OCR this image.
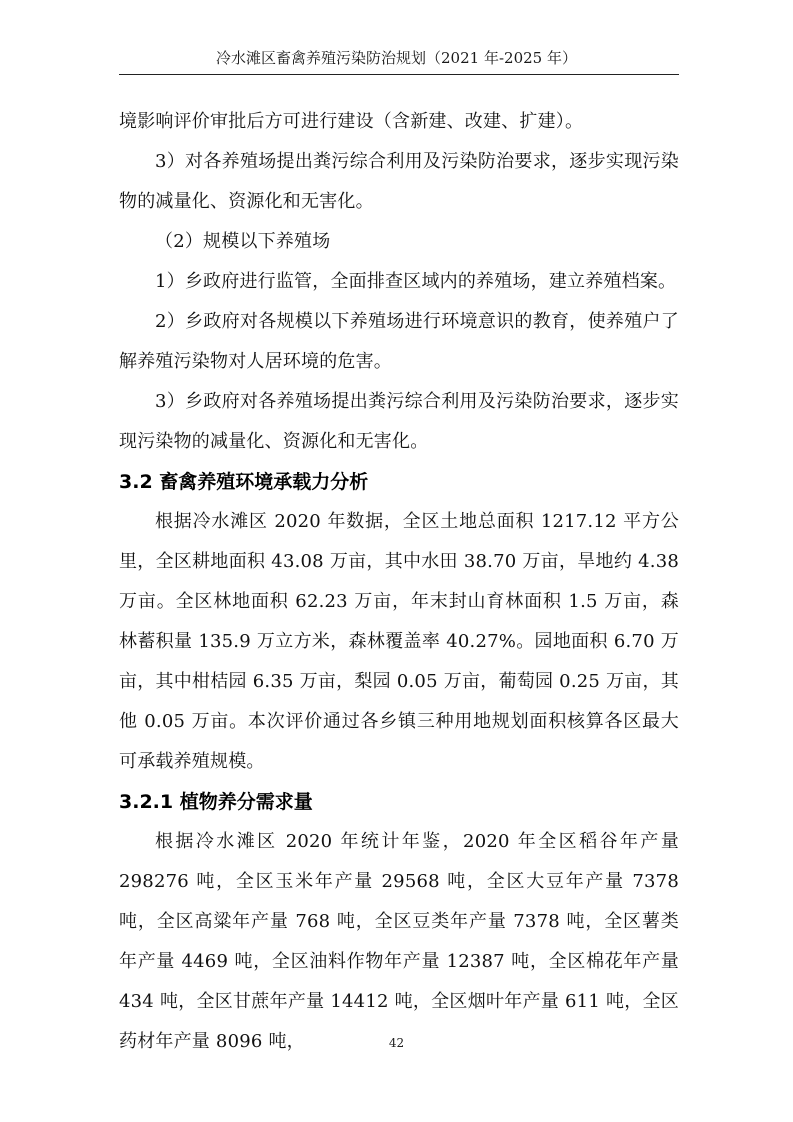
冷水滩区畜禽养殖污染防治规划（2021 年-2025 年）

境影响评价审批后方可进行建设（含新建、改建、扩建）。

3）对各养殖场提出粪污综合利用及污染防治要求，逐步实现污染物的减量化、资源化和无害化。

（2）规模以下养殖场

1）乡政府进行监管，全面排查区域内的养殖场，建立养殖档案。

2）乡政府对各规模以下养殖场进行环境意识的教育，使养殖户了解养殖污染物对人居环境的危害。

3）乡政府对各养殖场提出粪污综合利用及污染防治要求，逐步实现污染物的减量化、资源化和无害化。

3.2 畜禽养殖环境承载力分析

根据冷水滩区 2020 年数据，全区土地总面积 1217.12 平方公里，全区耕地面积 43.08 万亩，其中水田 38.70 万亩，旱地约 4.38 万亩。全区林地面积 62.23 万亩，年末封山育林面积 1.5 万亩，森林蓄积量 135.9 万立方米，森林覆盖率 40.27%。园地面积 6.70 万亩，其中柑桔园 6.35 万亩，梨园 0.05 万亩，葡萄园 0.25 万亩，其他 0.05 万亩。本次评价通过各乡镇三种用地规划面积核算各区最大可承载养殖规模。

3.2.1 植物养分需求量

根据冷水滩区 2020 年统计年鉴，2020 年全区稻谷年产量 298276 吨，全区玉米年产量 29568 吨，全区大豆年产量 7378 吨，全区高粱年产量 768 吨，全区豆类年产量 7378 吨，全区薯类年产量 4469 吨，全区油料作物年产量 12387 吨，全区棉花年产量 434 吨，全区甘蔗年产量 14412 吨，全区烟叶年产量 611 吨，全区药材年产量 8096 吨，	42
